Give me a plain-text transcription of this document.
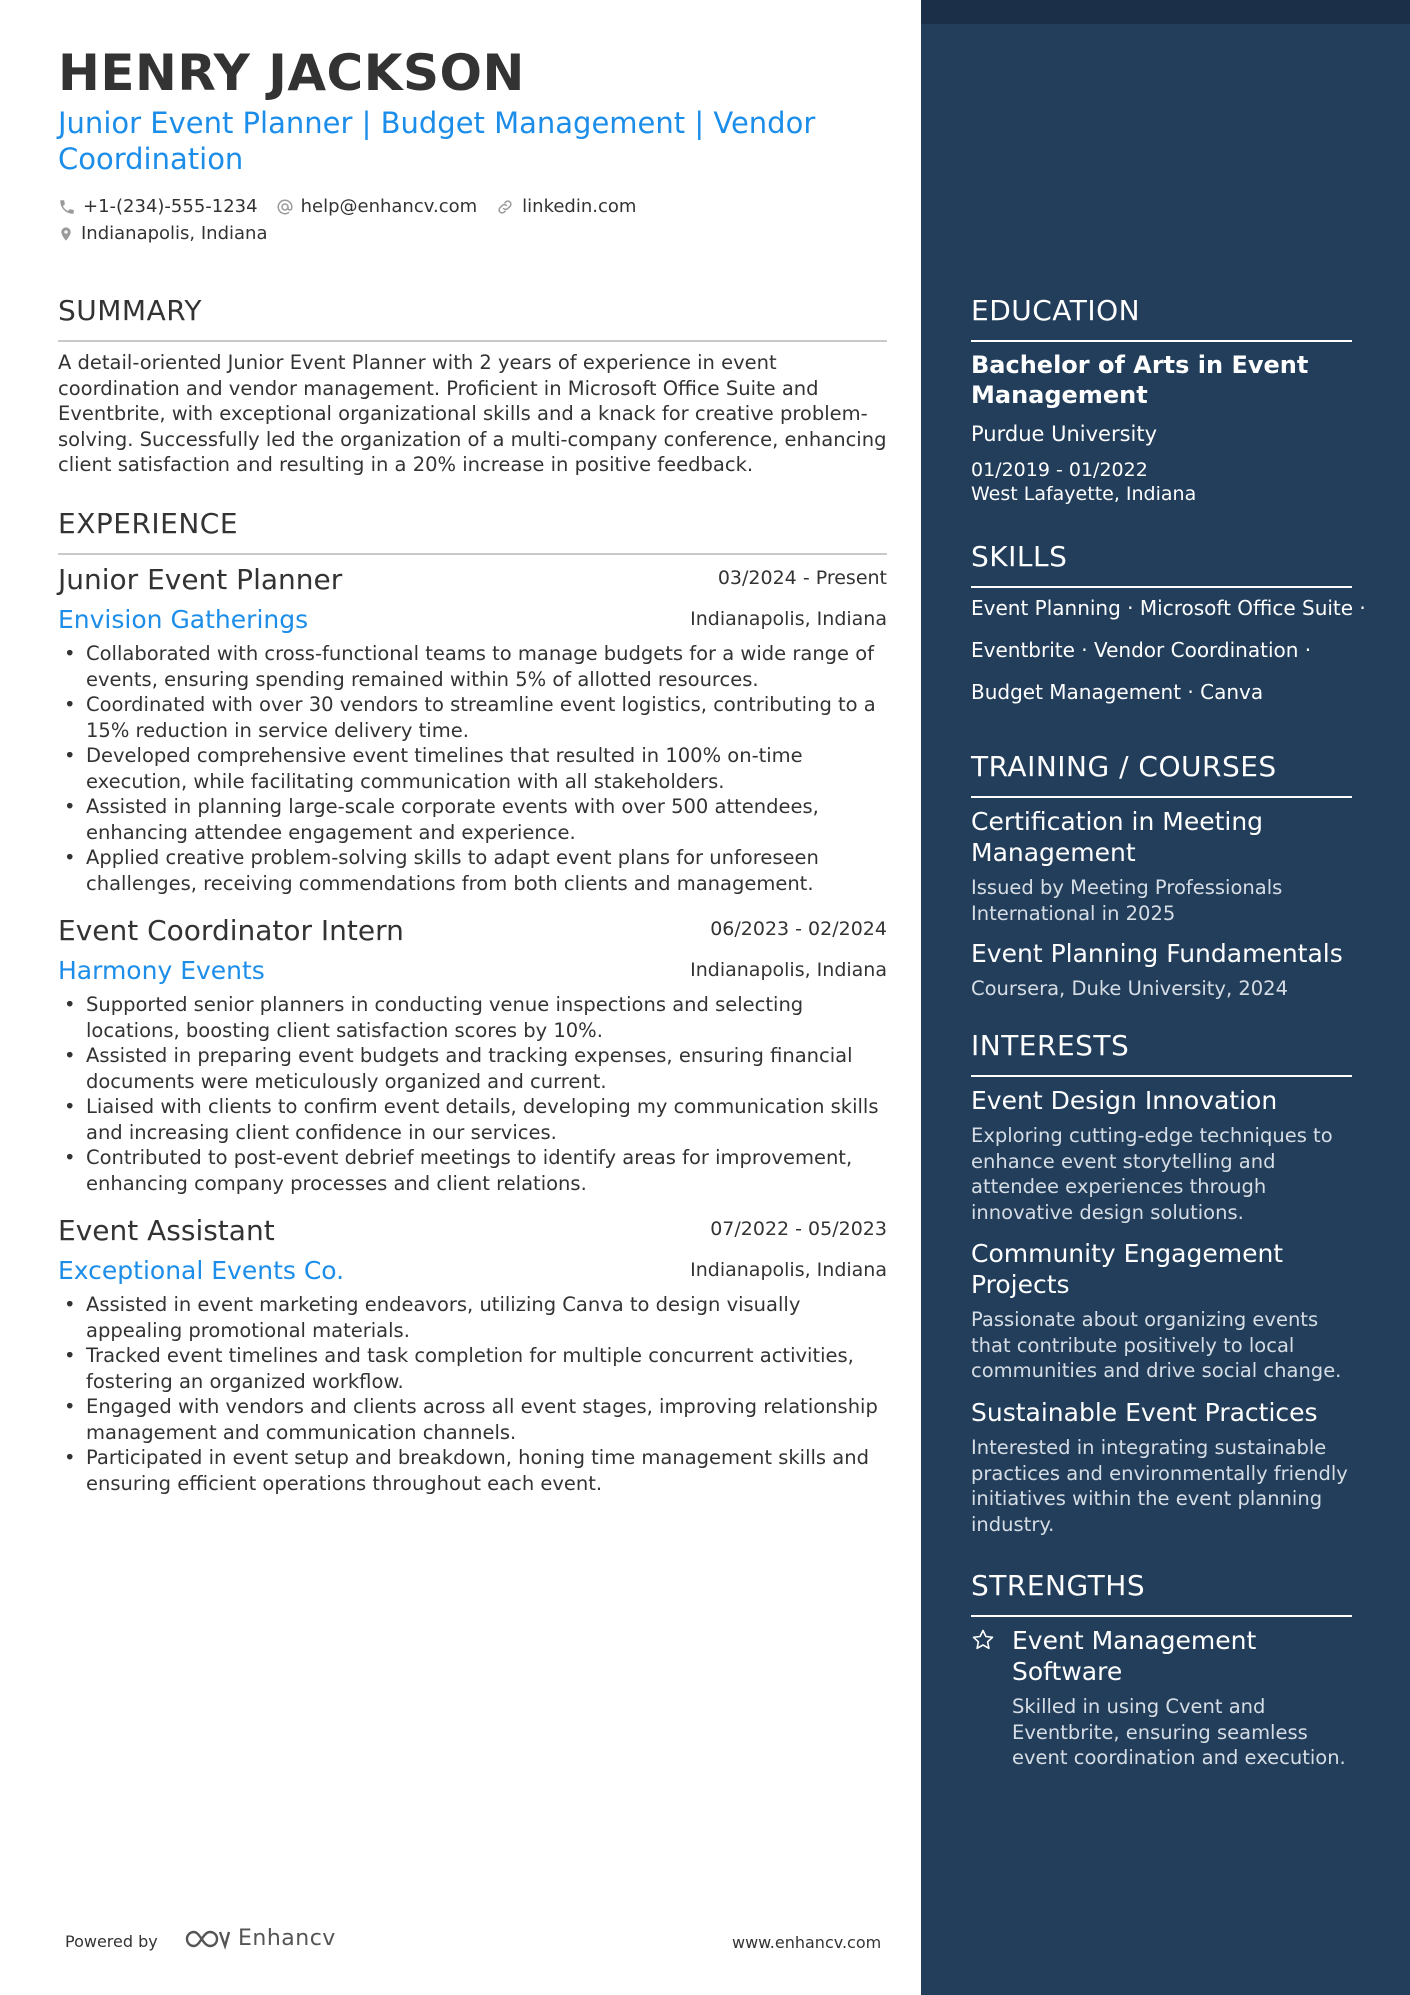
HENRY JACKSON
Junior Event Planner | Budget Management | Vendor Coordination
+1-(234)-555-1234 help@enhancv.com	linkedin.com
Indianapolis, Indiana
SUMMARY
A detail-oriented Junior Event Planner with 2 years of experience in event coordination and vendor management. Proficient in Microsoft Office Suite and Eventbrite, with exceptional organizational skills and a knack for creative problem-solving. Successfully led the organization of a multi-company conference, enhancing client satisfaction and resulting in a 20% increase in positive feedback.
EXPERIENCE
Junior Event Planner	03/2024 - Present
Envision Gatherings	Indianapolis, Indiana
• Collaborated with cross-functional teams to manage budgets for a wide range of events, ensuring spending remained within 5% of allotted resources.
• Coordinated with over 30 vendors to streamline event logistics, contributing to a 15% reduction in service delivery time.
• Developed comprehensive event timelines that resulted in 100% on-time execution, while facilitating communication with all stakeholders.
• Assisted in planning large-scale corporate events with over 500 attendees, enhancing attendee engagement and experience.
• Applied creative problem-solving skills to adapt event plans for unforeseen challenges, receiving commendations from both clients and management.
Event Coordinator Intern	06/2023 - 02/2024
Harmony Events	Indianapolis, Indiana
• Supported senior planners in conducting venue inspections and selecting locations, boosting client satisfaction scores by 10%.
• Assisted in preparing event budgets and tracking expenses, ensuring financial documents were meticulously organized and current.
• Liaised with clients to confirm event details, developing my communication skills and increasing client confidence in our services.
• Contributed to post-event debrief meetings to identify areas for improvement, enhancing company processes and client relations.
Event Assistant	07/2022 - 05/2023
Exceptional Events Co.	Indianapolis, Indiana
• Assisted in event marketing endeavors, utilizing Canva to design visually appealing promotional materials.
• Tracked event timelines and task completion for multiple concurrent activities, fostering an organized workflow.
• Engaged with vendors and clients across all event stages, improving relationship management and communication channels.
• Participated in event setup and breakdown, honing time management skills and ensuring efficient operations throughout each event.
Powered by	Enhancv	www.enhancv.com
EDUCATION
Bachelor of Arts in Event Management
Purdue University
01/2019 - 01/2022
West Lafayette, Indiana
SKILLS
Event Planning · Microsoft Office Suite ·
Eventbrite · Vendor Coordination ·
Budget Management · Canva
TRAINING / COURSES
Certification in Meeting Management
Issued by Meeting Professionals International in 2025
Event Planning Fundamentals
Coursera, Duke University, 2024
INTERESTS
Event Design Innovation
Exploring cutting-edge techniques to enhance event storytelling and attendee experiences through innovative design solutions.
Community Engagement Projects
Passionate about organizing events that contribute positively to local communities and drive social change.
Sustainable Event Practices
Interested in integrating sustainable practices and environmentally friendly initiatives within the event planning industry.
STRENGTHS
Event Management Software
Skilled in using Cvent and Eventbrite, ensuring seamless event coordination and execution.
